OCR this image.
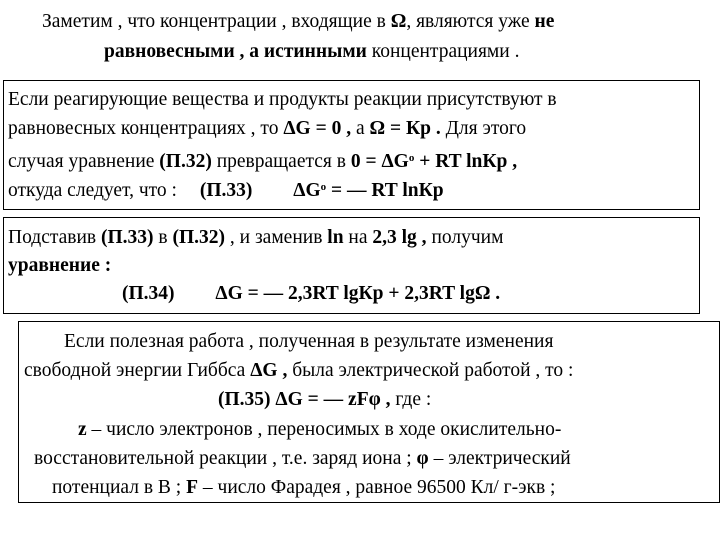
Заметим , что концентрации , входящие в Ω, являются уже не
равновесными , а истинными концентрациями .
Если реагирующие вещества и продукты реакции присутствуют в
равновесных концентрациях , то ΔG = 0 , а Ω = Кр . Для этого
случая уравнение (П.32) превращается в $0 = \Delta G^o$ + RT lnКр ,
откуда следует, что : (П.33) $\Delta G^o$ = — RT lnКр
Подставив (П.33) в (П.32) , и заменив ln на 2,3 lg , получим
уравнение :
(П.34) ΔG = — 2,3RT lgКр + 2,3RT lgΩ .
Если полезная работа , полученная в результате изменения
свободной энергии Гиббса ΔG , была электрической работой , то :
(П.35) ΔG = — zFφ , где :
z – число электронов , переносимых в ходе окислительно-
восстановительной реакции , т.е. заряд иона ; φ – электрический
потенциал в В ; F – число Фарадея , равное 96500 Кл/ г-экв ;
